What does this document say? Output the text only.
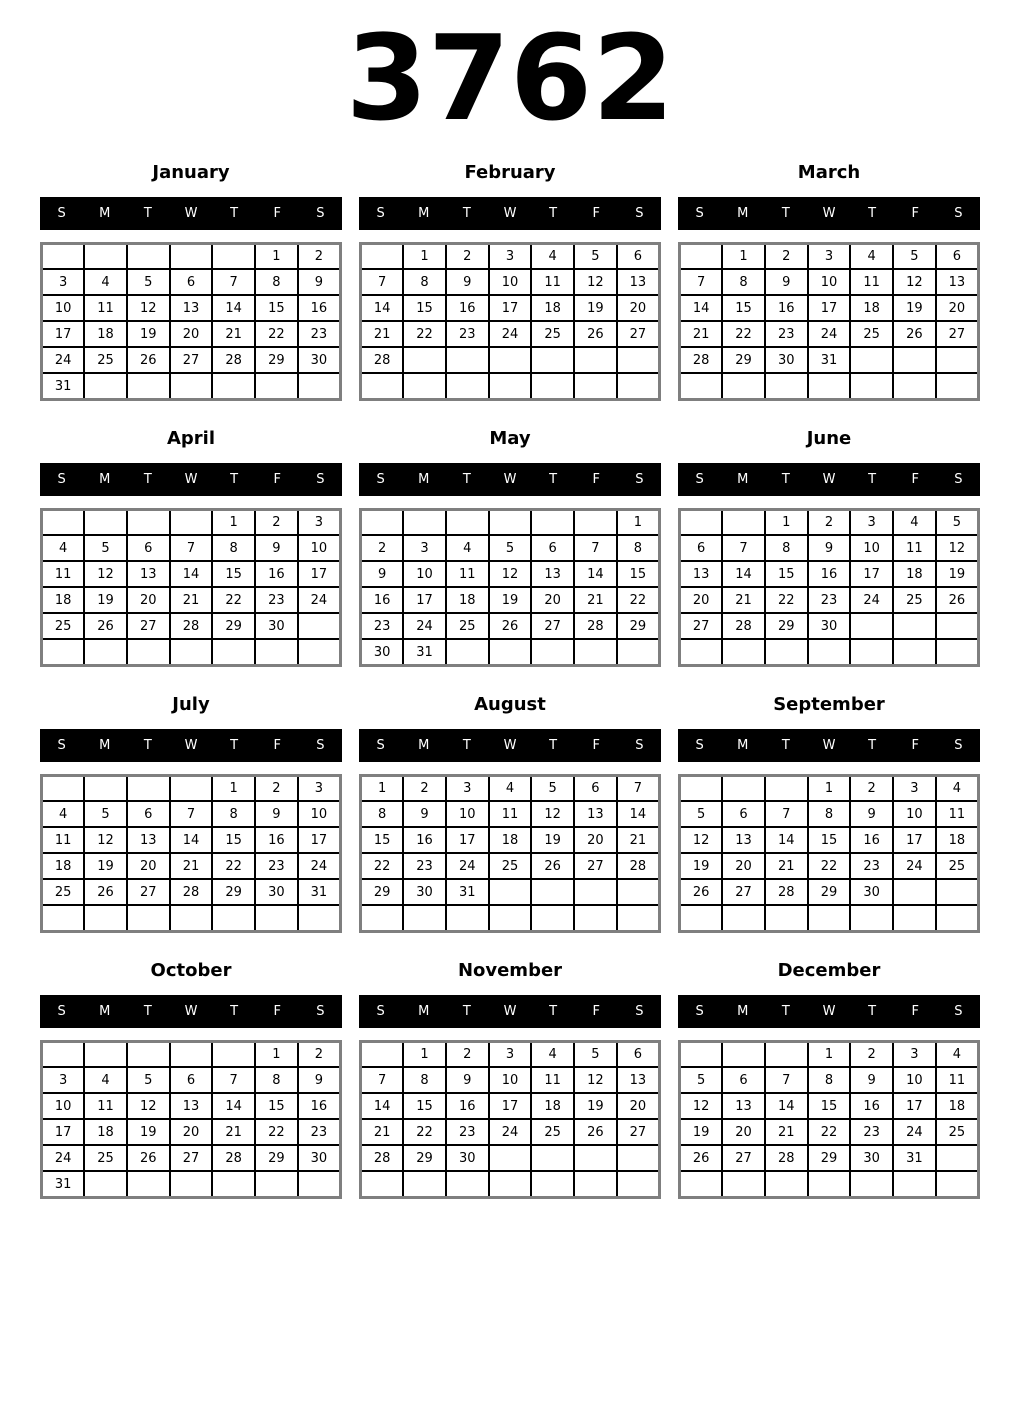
3762
January
S	M	T	W	T	F	S
					1	2
3	4	5	6	7	8	9
10	11	12	13	14	15	16
17	18	19	20	21	22	23
24	25	26	27	28	29	30
31						
February
S	M	T	W	T	F	S
	1	2	3	4	5	6
7	8	9	10	11	12	13
14	15	16	17	18	19	20
21	22	23	24	25	26	27
28						

March
S	M	T	W	T	F	S
	1	2	3	4	5	6
7	8	9	10	11	12	13
14	15	16	17	18	19	20
21	22	23	24	25	26	27
28	29	30	31			

April
S	M	T	W	T	F	S
				1	2	3
4	5	6	7	8	9	10
11	12	13	14	15	16	17
18	19	20	21	22	23	24
25	26	27	28	29	30	

May
S	M	T	W	T	F	S
						1
2	3	4	5	6	7	8
9	10	11	12	13	14	15
16	17	18	19	20	21	22
23	24	25	26	27	28	29
30	31					
June
S	M	T	W	T	F	S
		1	2	3	4	5
6	7	8	9	10	11	12
13	14	15	16	17	18	19
20	21	22	23	24	25	26
27	28	29	30			

July
S	M	T	W	T	F	S
				1	2	3
4	5	6	7	8	9	10
11	12	13	14	15	16	17
18	19	20	21	22	23	24
25	26	27	28	29	30	31

August
S	M	T	W	T	F	S
1	2	3	4	5	6	7
8	9	10	11	12	13	14
15	16	17	18	19	20	21
22	23	24	25	26	27	28
29	30	31				

September
S	M	T	W	T	F	S
			1	2	3	4
5	6	7	8	9	10	11
12	13	14	15	16	17	18
19	20	21	22	23	24	25
26	27	28	29	30		

October
S	M	T	W	T	F	S
					1	2
3	4	5	6	7	8	9
10	11	12	13	14	15	16
17	18	19	20	21	22	23
24	25	26	27	28	29	30
31						
November
S	M	T	W	T	F	S
	1	2	3	4	5	6
7	8	9	10	11	12	13
14	15	16	17	18	19	20
21	22	23	24	25	26	27
28	29	30				

December
S	M	T	W	T	F	S
			1	2	3	4
5	6	7	8	9	10	11
12	13	14	15	16	17	18
19	20	21	22	23	24	25
26	27	28	29	30	31	
